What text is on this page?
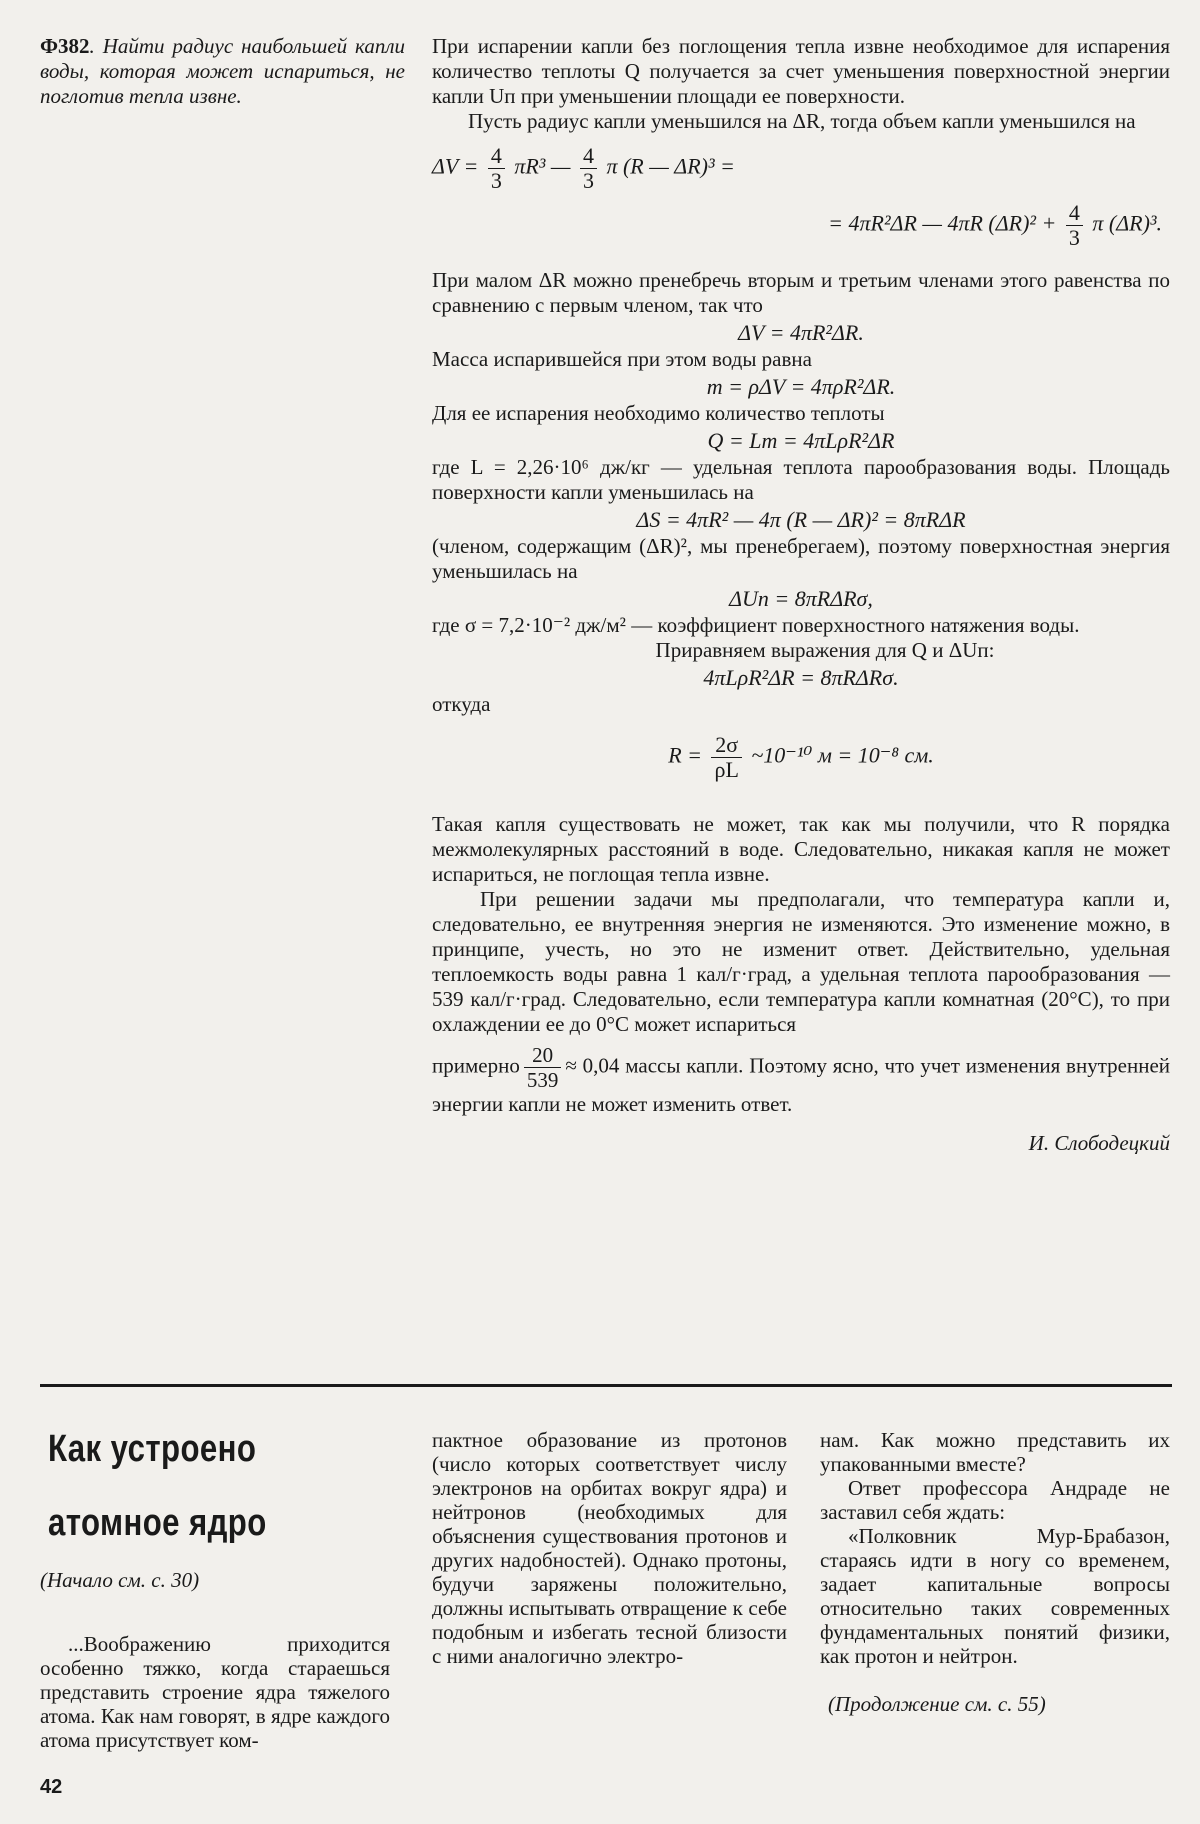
Ф382. Найти радиус наибольшей капли воды, которая может испариться, не поглотив тепла извне.

При испарении капли без поглощения тепла извне необходимое для испарения количество теплоты Q получается за счет уменьшения поверхностной энергии капли Uп при уменьшении площади ее поверхности.

Пусть радиус капли уменьшился на ΔR, тогда объем капли уменьшился на

$\Delta V = \frac{4}{3} \pi R^3$ — $\frac{4}{3}$ π (R — ΔR)³ =
= 4πR²ΔR — 4πR $(\Delta R)^2 + \frac{4}{3}$ π (ΔR)³.

При малом ΔR можно пренебречь вторым и третьим членами этого равенства по сравнению с первым членом, так что

ΔV = 4πR²ΔR.

Масса испарившейся при этом воды равна

m = ρΔV = 4πρR²ΔR.

Для ее испарения необходимо количество теплоты

Q = Lm = 4πLρR²ΔR

где L = 2,26·10⁶ дж/кг — удельная теплота парообразования воды. Площадь поверхности капли уменьшилась на

ΔS = 4πR² — 4π (R — ΔR)² = 8πRΔR

(членом, содержащим (ΔR)², мы пренебрегаем), поэтому поверхностная энергия уменьшилась на

ΔUп = 8πRΔRσ,

где σ = 7,2·10⁻² дж/м² — коэффициент поверхностного натяжения воды.

Приравняем выражения для Q и ΔUп:

4πLρR²ΔR = 8πRΔRσ.

откуда

$R = \frac{2\sigma}{\rho L}$ ~10⁻¹⁰ м = 10⁻⁸ см.

Такая капля существовать не может, так как мы получили, что R порядка межмолекулярных расстояний в воде. Следовательно, никакая капля не может испариться, не поглощая тепла извне.

При решении задачи мы предполагали, что температура капли и, следовательно, ее внутренняя энергия не изменяются. Это изменение можно, в принципе, учесть, но это не изменит ответ. Действительно, удельная теплоемкость воды равна 1 кал/г·град, а удельная теплота парообразования — 539 кал/г·град. Следовательно, если температура капли комнатная (20°С), то при охлаждении ее до 0°С может испариться

примерно $\frac{20}{539} \approx 0,04$ массы капли. Поэтому ясно, что учет изменения внутренней энергии капли не может изменить ответ.

И. Слободецкий
Как устроено
атомное ядро
(Начало см. с. 30)

...Воображению приходится особенно тяжко, когда стараешься представить строение ядра тяжелого атома. Как нам говорят, в ядре каждого атома присутствует ком-

пактное образование из протонов (число которых соответствует числу электронов на орбитах вокруг ядра) и нейтронов (необходимых для объяснения существования протонов и других надобностей). Однако протоны, будучи заряжены положительно, должны испытывать отвращение к себе подобным и избегать тесной близости с ними аналогично электро-

нам. Как можно представить их упакованными вместе?

Ответ профессора Андраде не заставил себя ждать:

«Полковник Мур-Брабазон, стараясь идти в ногу со временем, задает капитальные вопросы относительно таких современных фундаментальных понятий физики, как протон и нейтрон.

(Продолжение см. с. 55)
42
